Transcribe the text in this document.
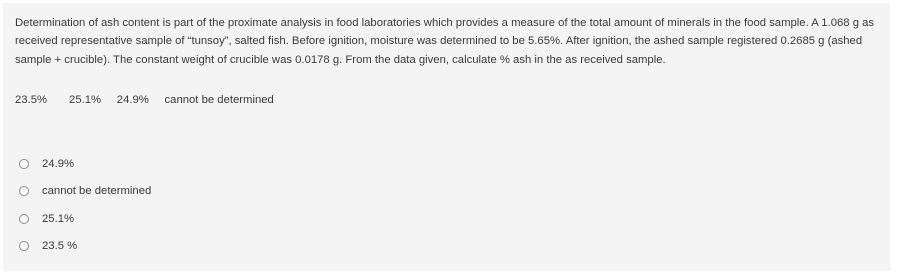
Determination of ash content is part of the proximate analysis in food laboratories which provides a measure of the total amount of minerals in the food sample. A 1.068 g as received representative sample of “tunsoy”, salted fish. Before ignition, moisture was determined to be 5.65%. After ignition, the ashed sample registered 0.2685 g (ashed sample + crucible). The constant weight of crucible was 0.0178 g. From the data given, calculate % ash in the as received sample.

23.5% 25.1% 24.9% cannot be determined
24.9%
cannot be determined
25.1%
23.5 %
